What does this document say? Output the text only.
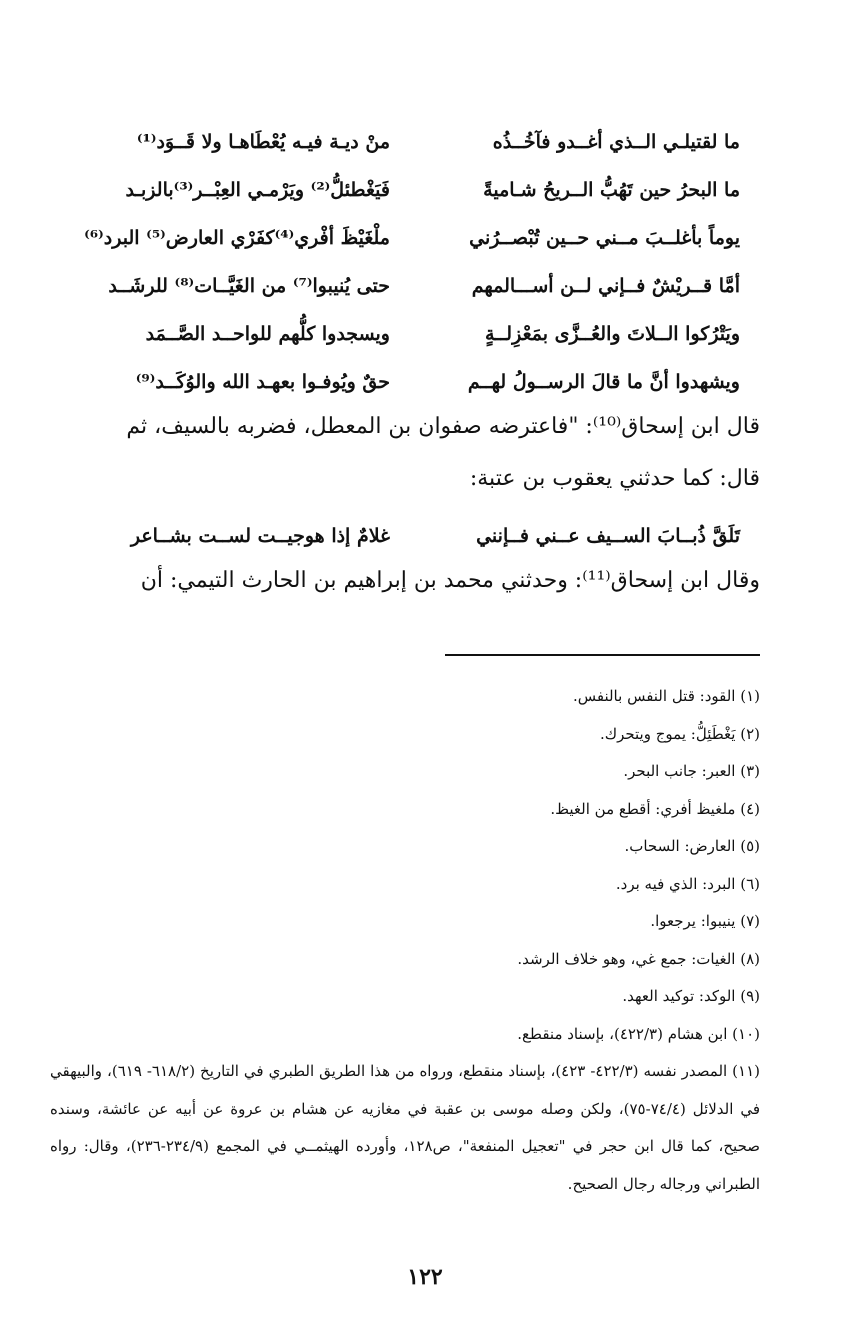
ما لقتيلـي الــذي أغــدو فآخُــذُه
منْ ديـة فيـه يُعْطَاهـا ولا قَــوَد⁽¹⁾
ما البحرُ حين تَهُبُّ الــريحُ شـاميةً
فَيَغْطئلُّ⁽²⁾ ويَرْمـي العِبْــر⁽³⁾بالزبـد
يوماً بأغلــبَ مــني حــين تُبْصــرُني
ملْغَيْظَ أفْري⁽⁴⁾كفَرْي العارض⁽⁵⁾ البرد⁽⁶⁾
أمَّا قــريْشٌ فــإني لــن أســـالمهم
حتى يُنيبوا⁽⁷⁾ من الغَيَّــات⁽⁸⁾ للرشَــد
ويَتْرُكوا الــلاتَ والعُــزَّى بمَعْزِلــةٍ
ويسجدوا كلُّهم للواحــد الصَّــمَد
ويشهدوا أنَّ ما قالَ الرســولُ لهــم
حقٌ ويُوفـوا بعهـد الله والوُكَــد⁽⁹⁾
قال ابن إسحاق⁽¹⁰⁾: "فاعترضه صفوان بن المعطل، فضربه بالسيف، ثم
قال: كما حدثني يعقوب بن عتبة:
تَلَقَّ ذُبــابَ الســيف عــني فــإنني
غلامٌ إذا هوجيــت لســت بشــاعر
وقال ابن إسحاق⁽¹¹⁾: وحدثني محمد بن إبراهيم بن الحارث التيمي: أن
(١) القود: قتل النفس بالنفس.
(٢) يَغْطَئِلُّ: يموج ويتحرك.
(٣) العبر: جانب البحر.
(٤) ملغيظ أفري: أقطع من الغيظ.
(٥) العارض: السحاب.
(٦) البرد: الذي فيه برد.
(٧) ينيبوا: يرجعوا.
(٨) الغيات: جمع غي، وهو خلاف الرشد.
(٩) الوكد: توكيد العهد.
(١٠) ابن هشام (٤٢٢/٣)، بإسناد منقطع.
(١١) المصدر نفسه (٤٢٢/٣- ٤٢٣)، بإسناد منقطع، ورواه من هذا الطريق الطبري في التاريخ (٦١٨/٢- ٦١٩)، والبيهقي في الدلائل (٧٤/٤-٧٥)، ولكن وصله موسى بن عقبة في مغازيه عن هشام بن عروة عن أبيه عن عائشة، وسنده صحيح، كما قال ابن حجر في "تعجيل المنفعة"، ص١٢٨، وأورده الهيثمــي في المجمع (٢٣٤/٩-٢٣٦)، وقال: رواه الطبراني ورجاله رجال الصحيح.
١٢٢
